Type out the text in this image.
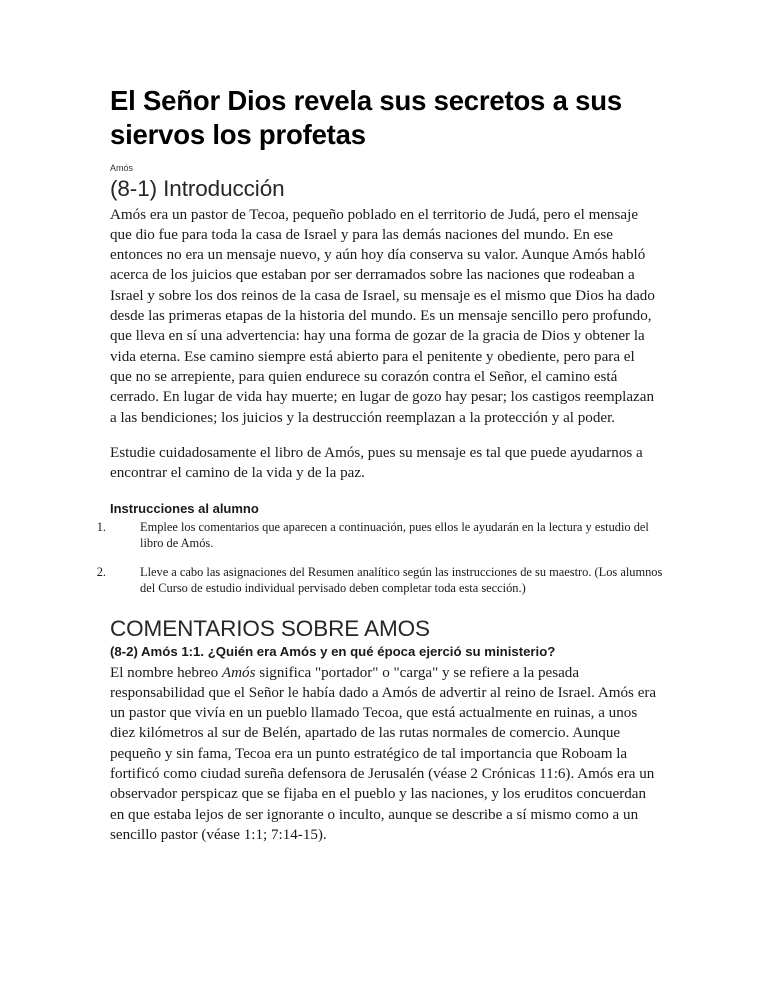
El Señor Dios revela sus secretos a sus siervos los profetas
Amós
(8-1) Introducción

Amós era un pastor de Tecoa, pequeño poblado en el territorio de Judá, pero el mensaje que dio fue para toda la casa de Israel y para las demás naciones del mundo. En ese entonces no era un mensaje nuevo, y aún hoy día conserva su valor. Aunque Amós habló acerca de los juicios que estaban por ser derramados sobre las naciones que rodeaban a Israel y sobre los dos reinos de la casa de Israel, su mensaje es el mismo que Dios ha dado desde las primeras etapas de la historia del mundo. Es un mensaje sencillo pero profundo, que lleva en sí una advertencia: hay una forma de gozar de la gracia de Dios y obtener la vida eterna. Ese camino siempre está abierto para el penitente y obediente, pero para el que no se arrepiente, para quien endurece su corazón contra el Señor, el camino está cerrado. En lugar de vida hay muerte; en lugar de gozo hay pesar; los castigos reemplazan a las bendiciones; los juicios y la destrucción reemplazan a la protección y al poder.

Estudie cuidadosamente el libro de Amós, pues su mensaje es tal que puede ayudarnos a encontrar el camino de la vida y de la paz.

Instrucciones al alumno
1.	Emplee los comentarios que aparecen a continuación, pues ellos le ayudarán en la lectura y estudio del libro de Amós.
2.	Lleve a cabo las asignaciones del Resumen analítico según las instrucciones de su maestro. (Los alumnos del Curso de estudio individual pervisado deben completar toda esta sección.)
COMENTARIOS SOBRE AMOS
(8-2) Amós 1:1. ¿Quién era Amós y en qué época ejerció su ministerio?

El nombre hebreo Amós significa "portador" o "carga" y se refiere a la pesada responsabilidad que el Señor le había dado a Amós de advertir al reino de Israel. Amós era un pastor que vivía en un pueblo llamado Tecoa, que está actualmente en ruinas, a unos diez kilómetros al sur de Belén, apartado de las rutas normales de comercio. Aunque pequeño y sin fama, Tecoa era un punto estratégico de tal importancia que Roboam la fortificó como ciudad sureña defensora de Jerusalén (véase 2 Crónicas 11:6). Amós era un observador perspicaz que se fijaba en el pueblo y las naciones, y los eruditos concuerdan en que estaba lejos de ser ignorante o inculto, aunque se describe a sí mismo como a un sencillo pastor (véase 1:1; 7:14-15).
